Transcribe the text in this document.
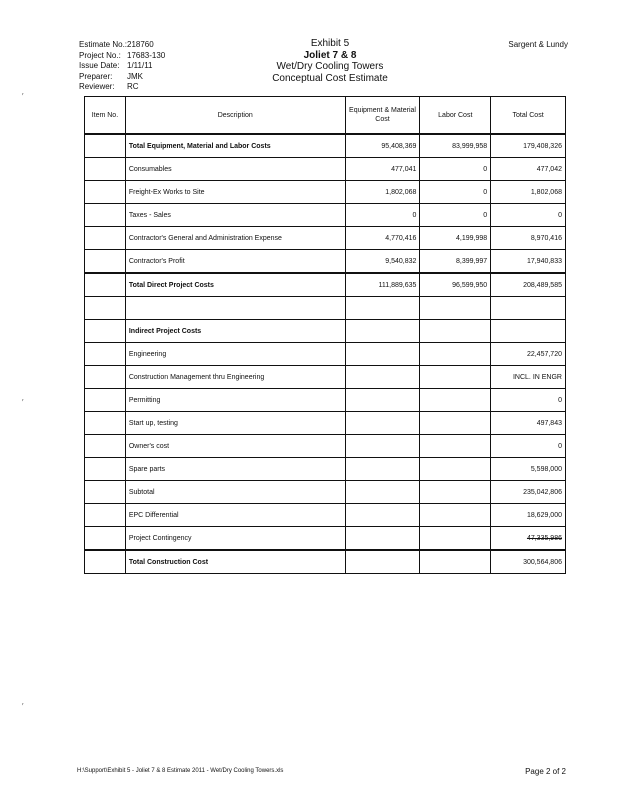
Estimate No.: 218760
Project No.: 17683-130
Issue Date: 1/11/11
Preparer:	JMK
Reviewer:	RC
Exhibit 5
Joliet 7 & 8
Wet/Dry Cooling Towers
Conceptual Cost Estimate
Sargent & Lundy
Item No.	Description	Equipment & Material Cost	Labor Cost	Total Cost
	Total Equipment, Material and Labor Costs	95,408,369	83,999,958	179,408,326
	Consumables	477,041	0	477,042
	Freight-Ex Works to Site	1,802,068	0	1,802,068
	Taxes - Sales	0	0	0
	Contractor's General and Administration Expense	4,770,416	4,199,998	8,970,416
	Contractor's Profit	9,540,832	8,399,997	17,940,833
	Total Direct Project Costs	111,889,635	96,599,950	208,489,585

	Indirect Project Costs			
	Engineering			22,457,720
	Construction Management thru Engineering			INCL. IN ENGR
	Permitting			0
	Start up, testing			497,843
	Owner's cost			0
	Spare parts			5,598,000
	Subtotal			235,042,806
	EPC Differential			18,629,000
	Project Contingency			47,335,986
	Total Construction Cost			300,564,806
′
′
′
H:\Support\Exhibit 5 - Joliet 7 & 8 Estimate 2011 - Wet/Dry Cooling Towers.xls	Page 2 of 2
